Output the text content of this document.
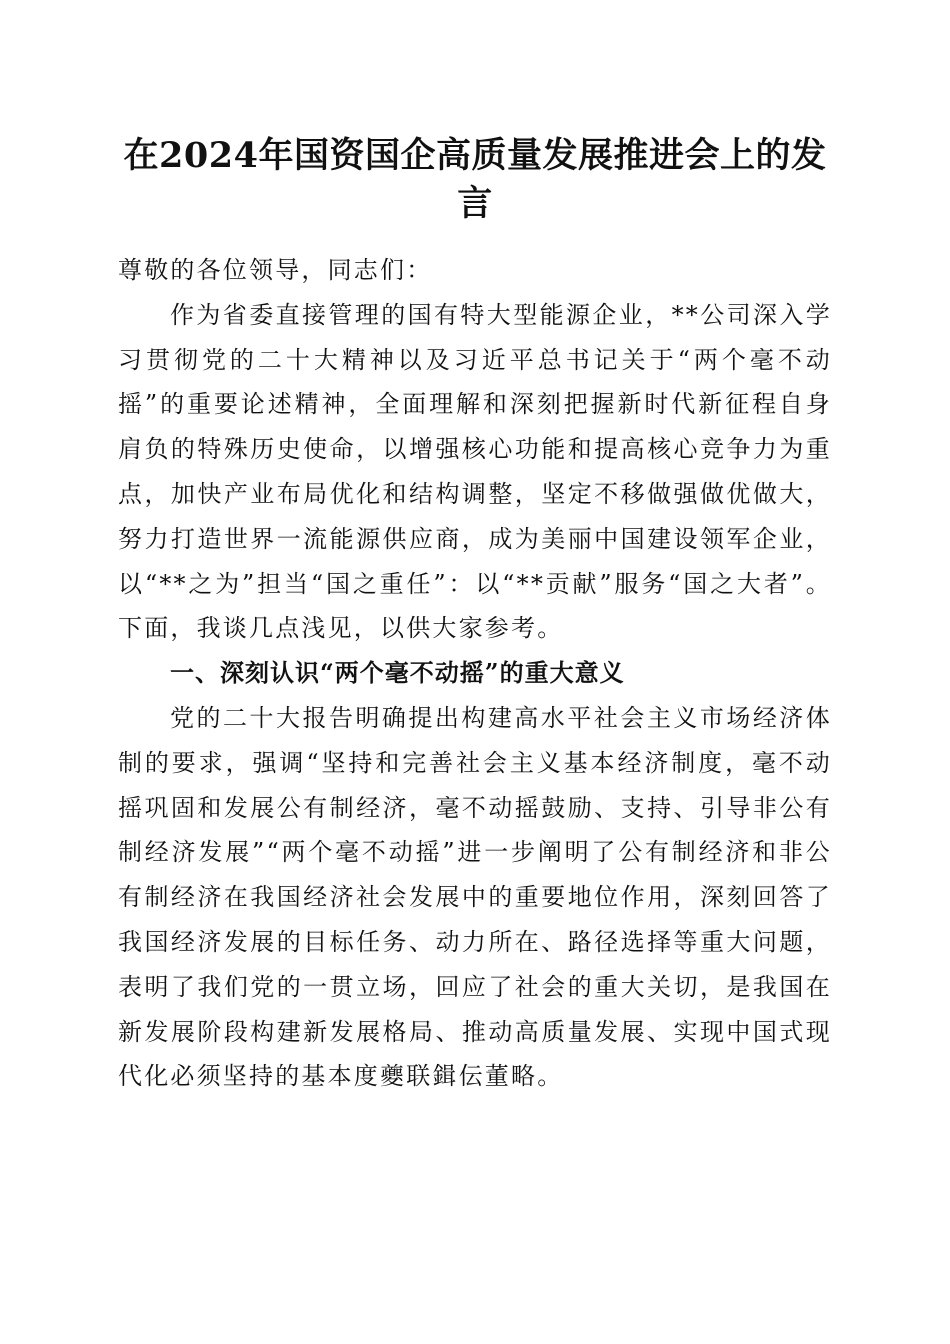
在2024年国资国企高质量发展推进会上的发言

尊敬的各位领导，同志们：

作为省委直接管理的国有特大型能源企业，**公司深入学习贯彻党的二十大精神以及习近平总书记关于“两个毫不动摇”的重要论述精神，全面理解和深刻把握新时代新征程自身肩负的特殊历史使命，以增强核心功能和提高核心竞争力为重点，加快产业布局优化和结构调整，坚定不移做强做优做大，努力打造世界一流能源供应商，成为美丽中国建设领军企业，以“**之为”担当“国之重任”：以“**贡献”服务“国之大者”。下面，我谈几点浅见，以供大家参考。

一、深刻认识“两个毫不动摇”的重大意义

党的二十大报告明确提出构建高水平社会主义市场经济体制的要求，强调“坚持和完善社会主义基本经济制度，毫不动摇巩固和发展公有制经济，毫不动摇鼓励、支持、引导非公有制经济发展”“两个毫不动摇”进一步阐明了公有制经济和非公有制经济在我国经济社会发展中的重要地位作用，深刻回答了我国经济发展的目标任务、动力所在、路径选择等重大问题，表明了我们党的一贯立场，回应了社会的重大关切，是我国在新发展阶段构建新发展格局、推动高质量发展、实现中国式现代化必须坚持的基本度夔联鍓伝董略。
